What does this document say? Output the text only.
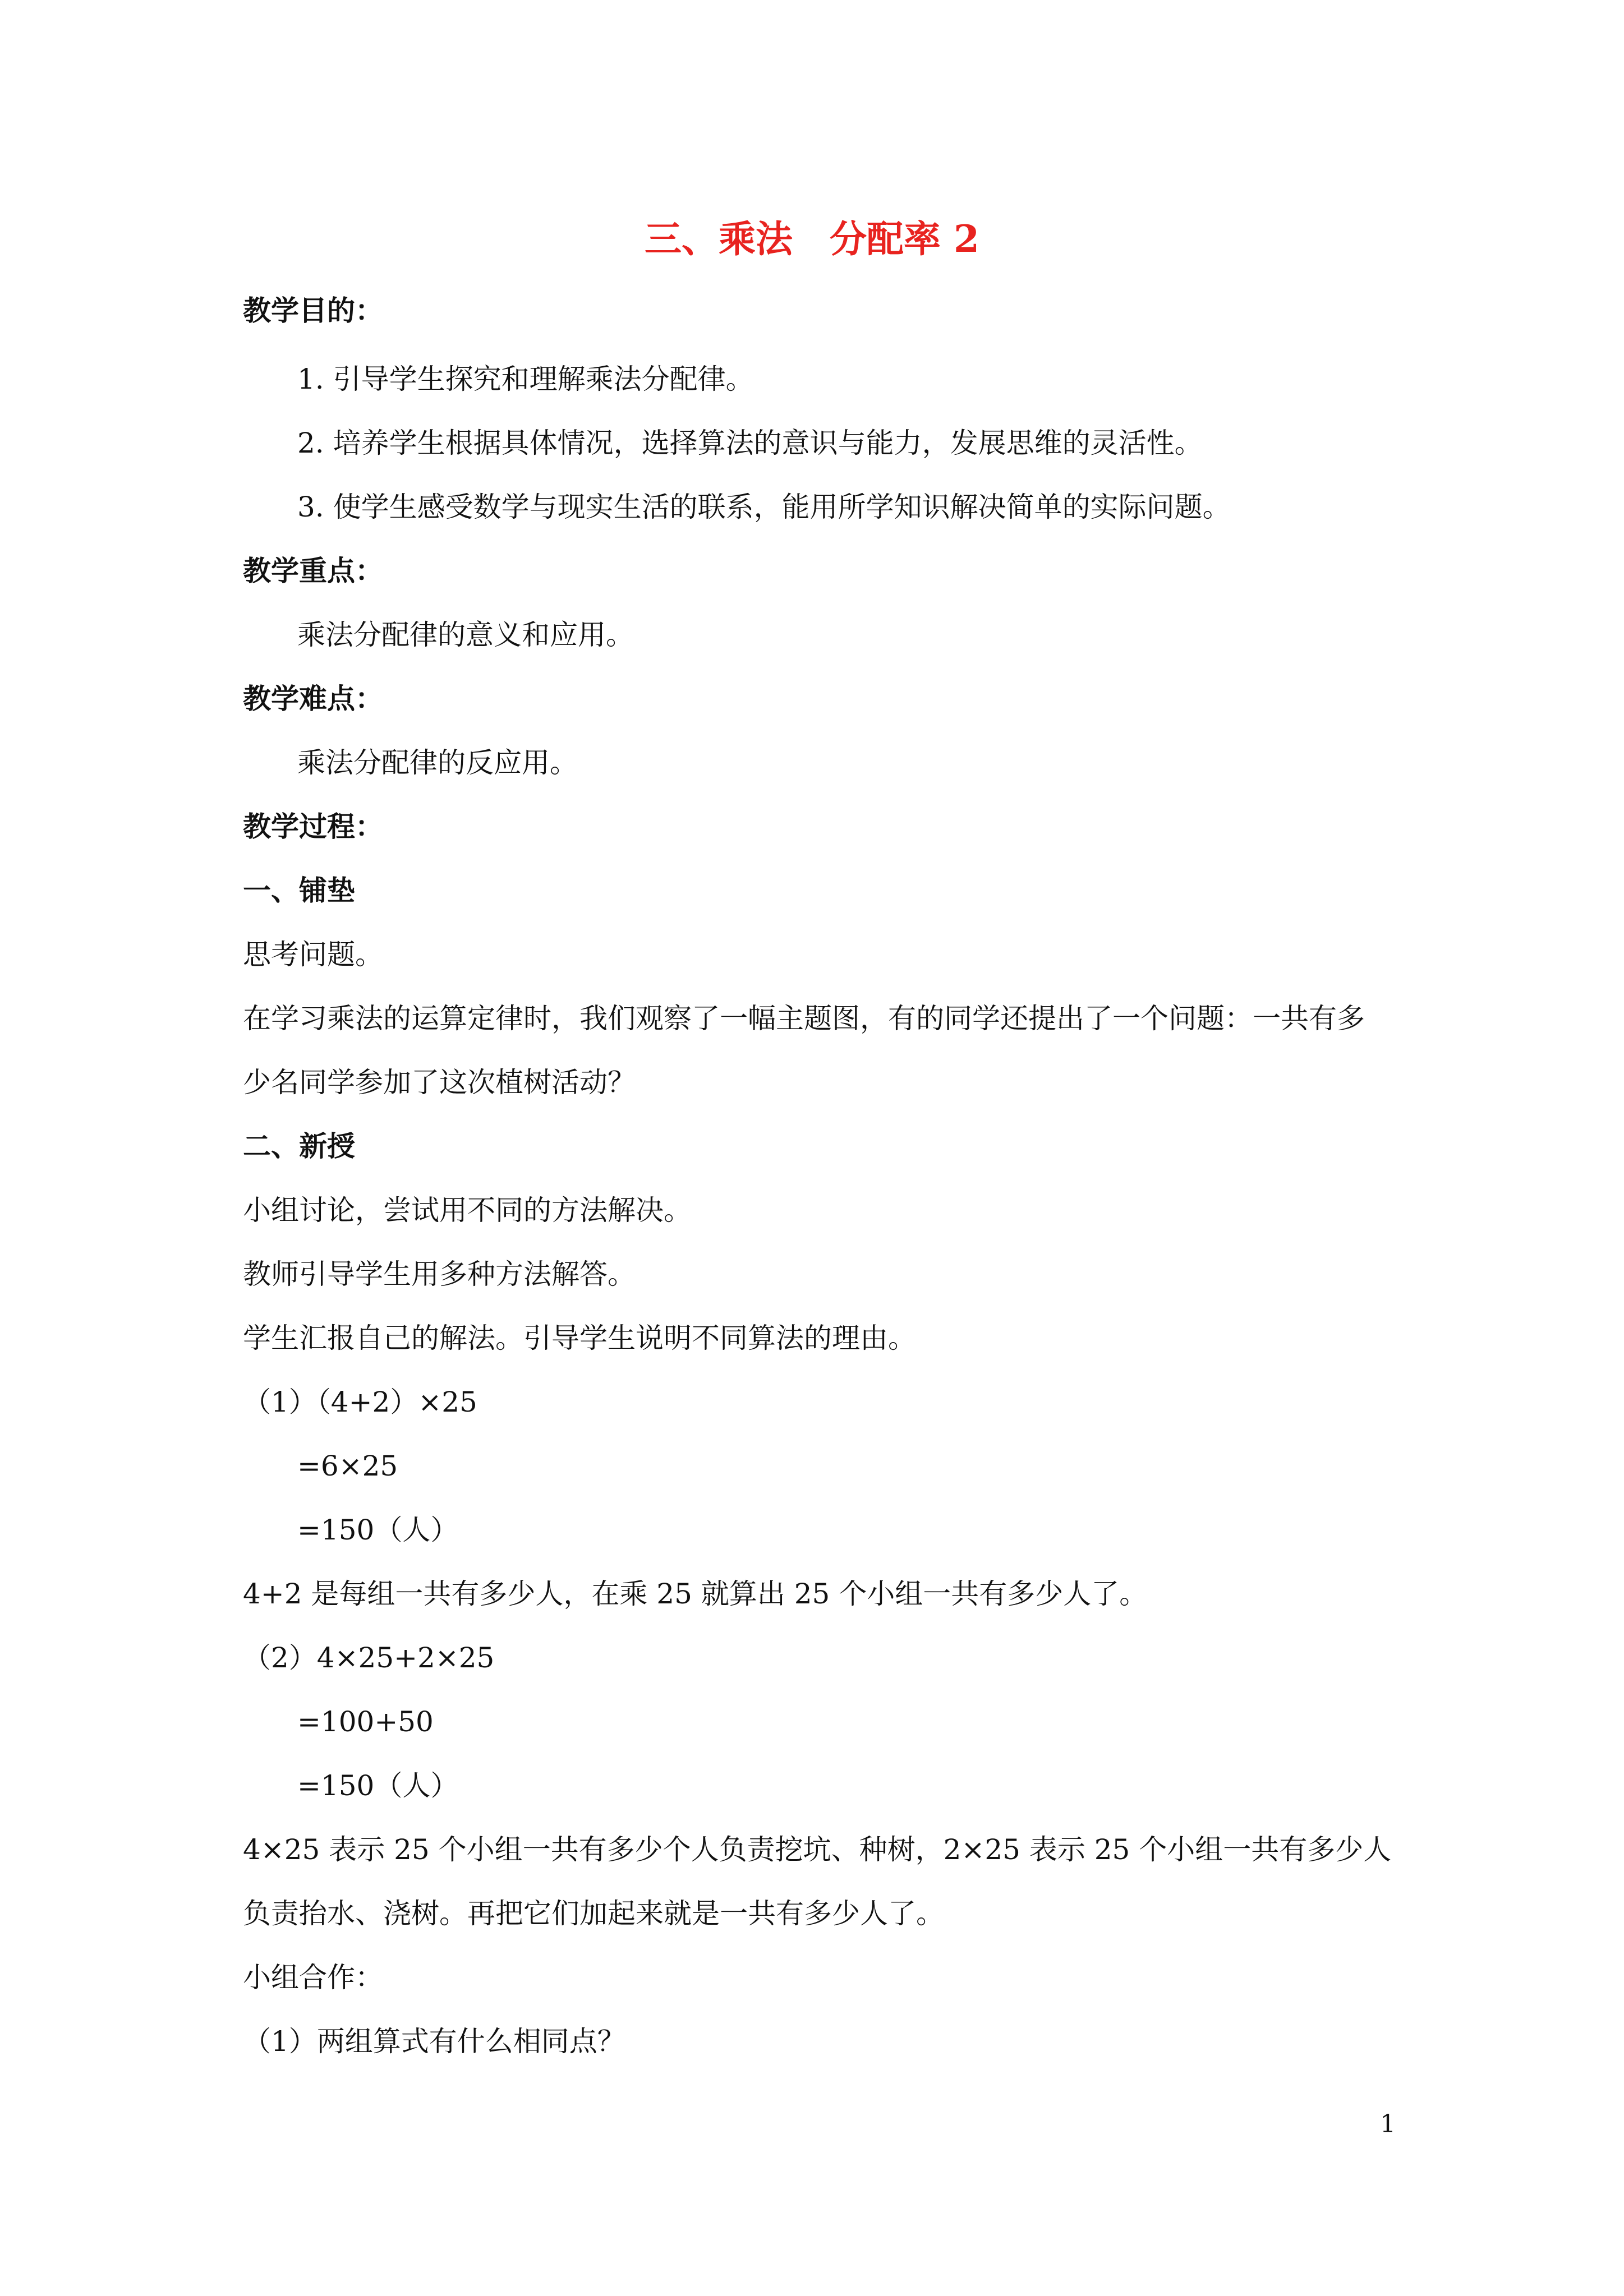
三、乘法　分配率 2
教学目的：
1. 引导学生探究和理解乘法分配律。
2. 培养学生根据具体情况，选择算法的意识与能力，发展思维的灵活性。
3. 使学生感受数学与现实生活的联系，能用所学知识解决简单的实际问题。
教学重点：
乘法分配律的意义和应用。
教学难点：
乘法分配律的反应用。
教学过程：
一、铺垫
思考问题。
在学习乘法的运算定律时，我们观察了一幅主题图，有的同学还提出了一个问题：一共有多
少名同学参加了这次植树活动？
二、新授
小组讨论，尝试用不同的方法解决。
教师引导学生用多种方法解答。
学生汇报自己的解法。引导学生说明不同算法的理由。
（1）（4+2）×25
=6×25
=150（人）
4+2 是每组一共有多少人，在乘 25 就算出 25 个小组一共有多少人了。
（2）4×25+2×25
=100+50
=150（人）
4×25 表示 25 个小组一共有多少个人负责挖坑、种树，2×25 表示 25 个小组一共有多少人
负责抬水、浇树。再把它们加起来就是一共有多少人了。
小组合作：
（1）两组算式有什么相同点？
1
